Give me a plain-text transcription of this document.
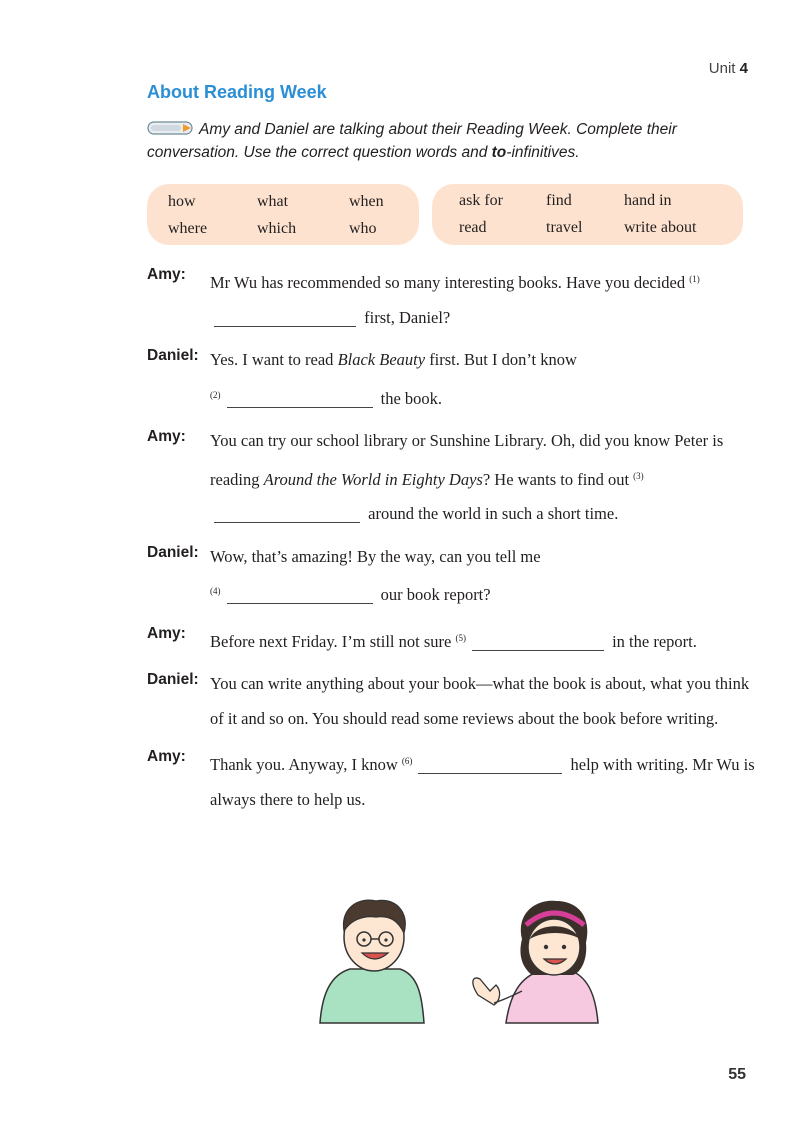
Unit 4
About Reading Week
Amy and Daniel are talking about their Reading Week. Complete their conversation. Use the correct question words and to-infinitives.
how	what	when
where	which	who
ask for	find	hand in
read	travel	write about
Amy: Mr Wu has recommended so many interesting books. Have you decided $^{(1)}$ first, Daniel?
Daniel: Yes. I want to read Black Beauty first. But I don’t know
$^{(2)}$	the book.
Amy: You can try our school library or Sunshine Library. Oh, did you know Peter is reading Around the World in Eighty Days? He wants to find out $^{(3)}$ around the world in such a short time.
Daniel: Wow, that’s amazing! By the way, can you tell me
$^{(4)}$	our book report?
Amy: Before next Friday. I’m still not sure $^{(5)}$	in the report.
Daniel: You can write anything about your book—what the book is about, what you think of it and so on. You should read some reviews about the book before writing.
Amy: Thank you. Anyway, I know $^{(6)}$	help with writing. Mr Wu is always there to help us.
55
